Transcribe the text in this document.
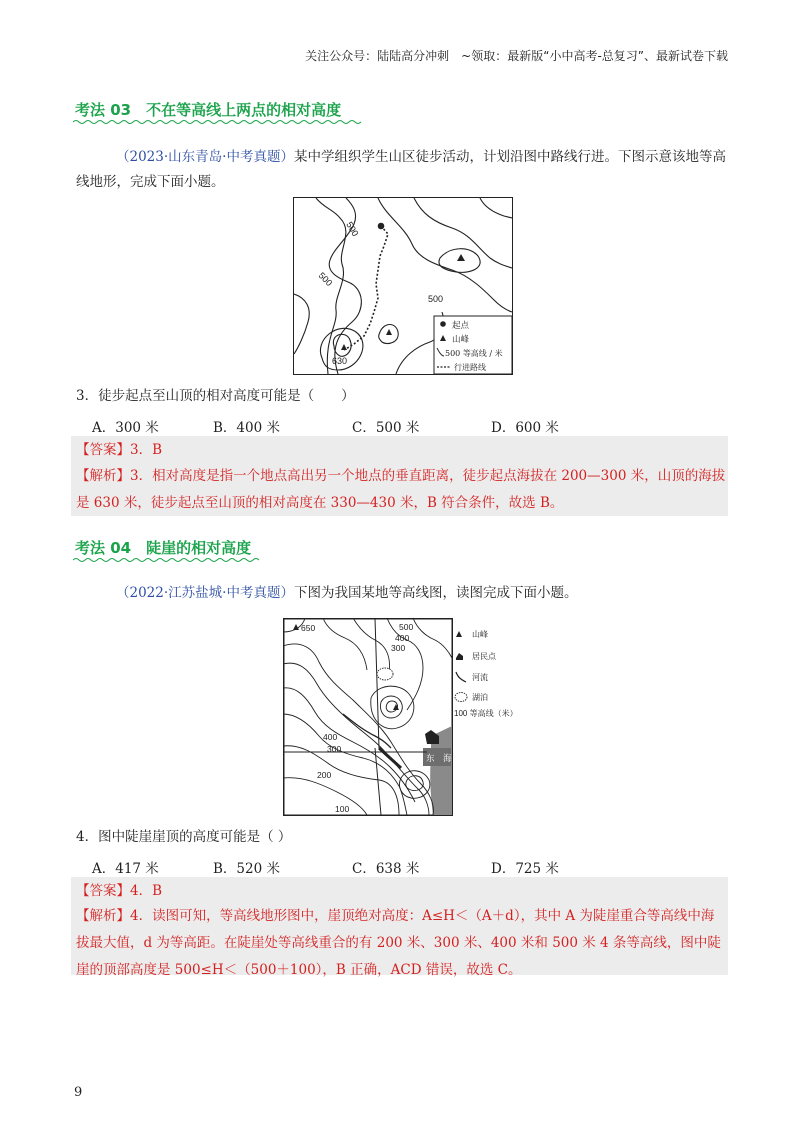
关注公众号：陆陆高分冲刺　~领取：最新版“小中高考-总复习”、最新试卷下载
考法 03　不在等高线上两点的相对高度
（2023·山东青岛·中考真题）某中学组织学生山区徒步活动，计划沿图中路线行进。下图示意该地等高线地形，完成下面小题。
500
500
500
630
起点
山峰
500 等高线 / 米
行进路线
3．徒步起点至山顶的相对高度可能是（　　）
A．300 米	B．400 米	C．500 米	D．600 米
【答案】3．B
【解析】3．相对高度是指一个地点高出另一个地点的垂直距离，徒步起点海拔在 200—300 米，山顶的海拔是 630 米，徒步起点至山顶的相对高度在 330—430 米，B 符合条件，故选 B。
考法 04　陡崖的相对高度
（2022·江苏盐城·中考真题）下图为我国某地等高线图，读图完成下面小题。
东　海
650	500
400
300
400
300
200
100
山峰
居民点
河流
湖泊
100 等高线（米）
4．图中陡崖崖顶的高度可能是（ ）
A．417 米	B．520 米	C．638 米	D．725 米
【答案】4．B
【解析】4．读图可知，等高线地形图中，崖顶绝对高度：A≤H＜（A＋d），其中 A 为陡崖重合等高线中海拔最大值，d 为等高距。在陡崖处等高线重合的有 200 米、300 米、400 米和 500 米 4 条等高线，图中陡崖的顶部高度是 500≤H＜（500＋100），B 正确，ACD 错误，故选 C。
9
